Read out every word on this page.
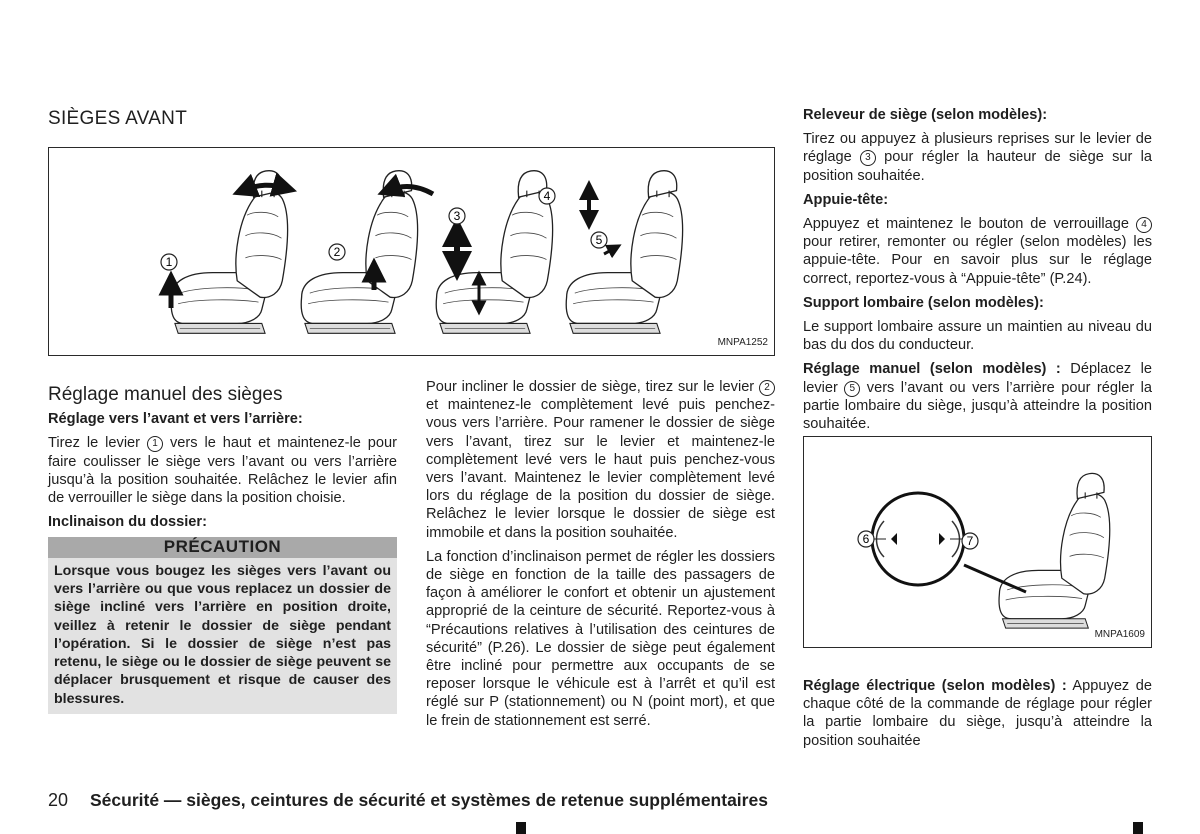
SIÈGES AVANT
1
2
3
4
5
MNPA1252
Réglage manuel des sièges

Réglage vers l’avant et vers l’arrière:

Tirez le levier 1 vers le haut et maintenez-le pour faire coulisser le siège vers l’avant ou vers l’arrière jusqu’à la position souhaitée. Relâchez le levier afin de verrouiller le siège dans la position choisie.

Inclinaison du dossier:

PRÉCAUTION
Lorsque vous bougez les sièges vers l’avant ou vers l’arrière ou que vous replacez un dossier de siège incliné vers l’arrière en position droite, veillez à retenir le dossier de siège pendant l’opération. Si le dossier de siège n’est pas retenu, le siège ou le dossier de siège peuvent se déplacer brusquement et risque de causer des blessures.

Pour incliner le dossier de siège, tirez sur le levier 2 et maintenez-le complètement levé puis penchez-vous vers l’arrière. Pour ramener le dossier de siège vers l’avant, tirez sur le levier et maintenez-le complètement levé vers le haut puis penchez-vous vers l’avant. Maintenez le levier complètement levé lors du réglage de la position du dossier de siège. Relâchez le levier lorsque le dossier de siège est immobile et dans la position souhaitée.

La fonction d’inclinaison permet de régler les dossiers de siège en fonction de la taille des passagers de façon à améliorer le confort et obtenir un ajustement approprié de la ceinture de sécurité. Reportez-vous à “Précautions relatives à l’utilisation des ceintures de sécurité” (P.26). Le dossier de siège peut également être incliné pour permettre aux occupants de se reposer lorsque le véhicule est à l’arrêt et qu’il est réglé sur P (stationnement) ou N (point mort), et que le frein de stationnement est serré.

Releveur de siège (selon modèles):

Tirez ou appuyez à plusieurs reprises sur le levier de réglage 3 pour régler la hauteur de siège sur la position souhaitée.

Appuie-tête:

Appuyez et maintenez le bouton de verrouillage 4 pour retirer, remonter ou régler (selon modèles) les appuie-tête. Pour en savoir plus sur le réglage correct, reportez-vous à “Appuie-tête” (P.24).

Support lombaire (selon modèles):

Le support lombaire assure un maintien au niveau du bas du dos du conducteur.

Réglage manuel (selon modèles) : Déplacez le levier 5 vers l’avant ou vers l’arrière pour régler la partie lombaire du siège, jusqu’à atteindre la position souhaitée.

6	7
MNPA1609

Réglage électrique (selon modèles) : Appuyez de chaque côté de la commande de réglage pour régler la partie lombaire du siège, jusqu’à atteindre la position souhaitée

20 Sécurité — sièges, ceintures de sécurité et systèmes de retenue supplémentaires
